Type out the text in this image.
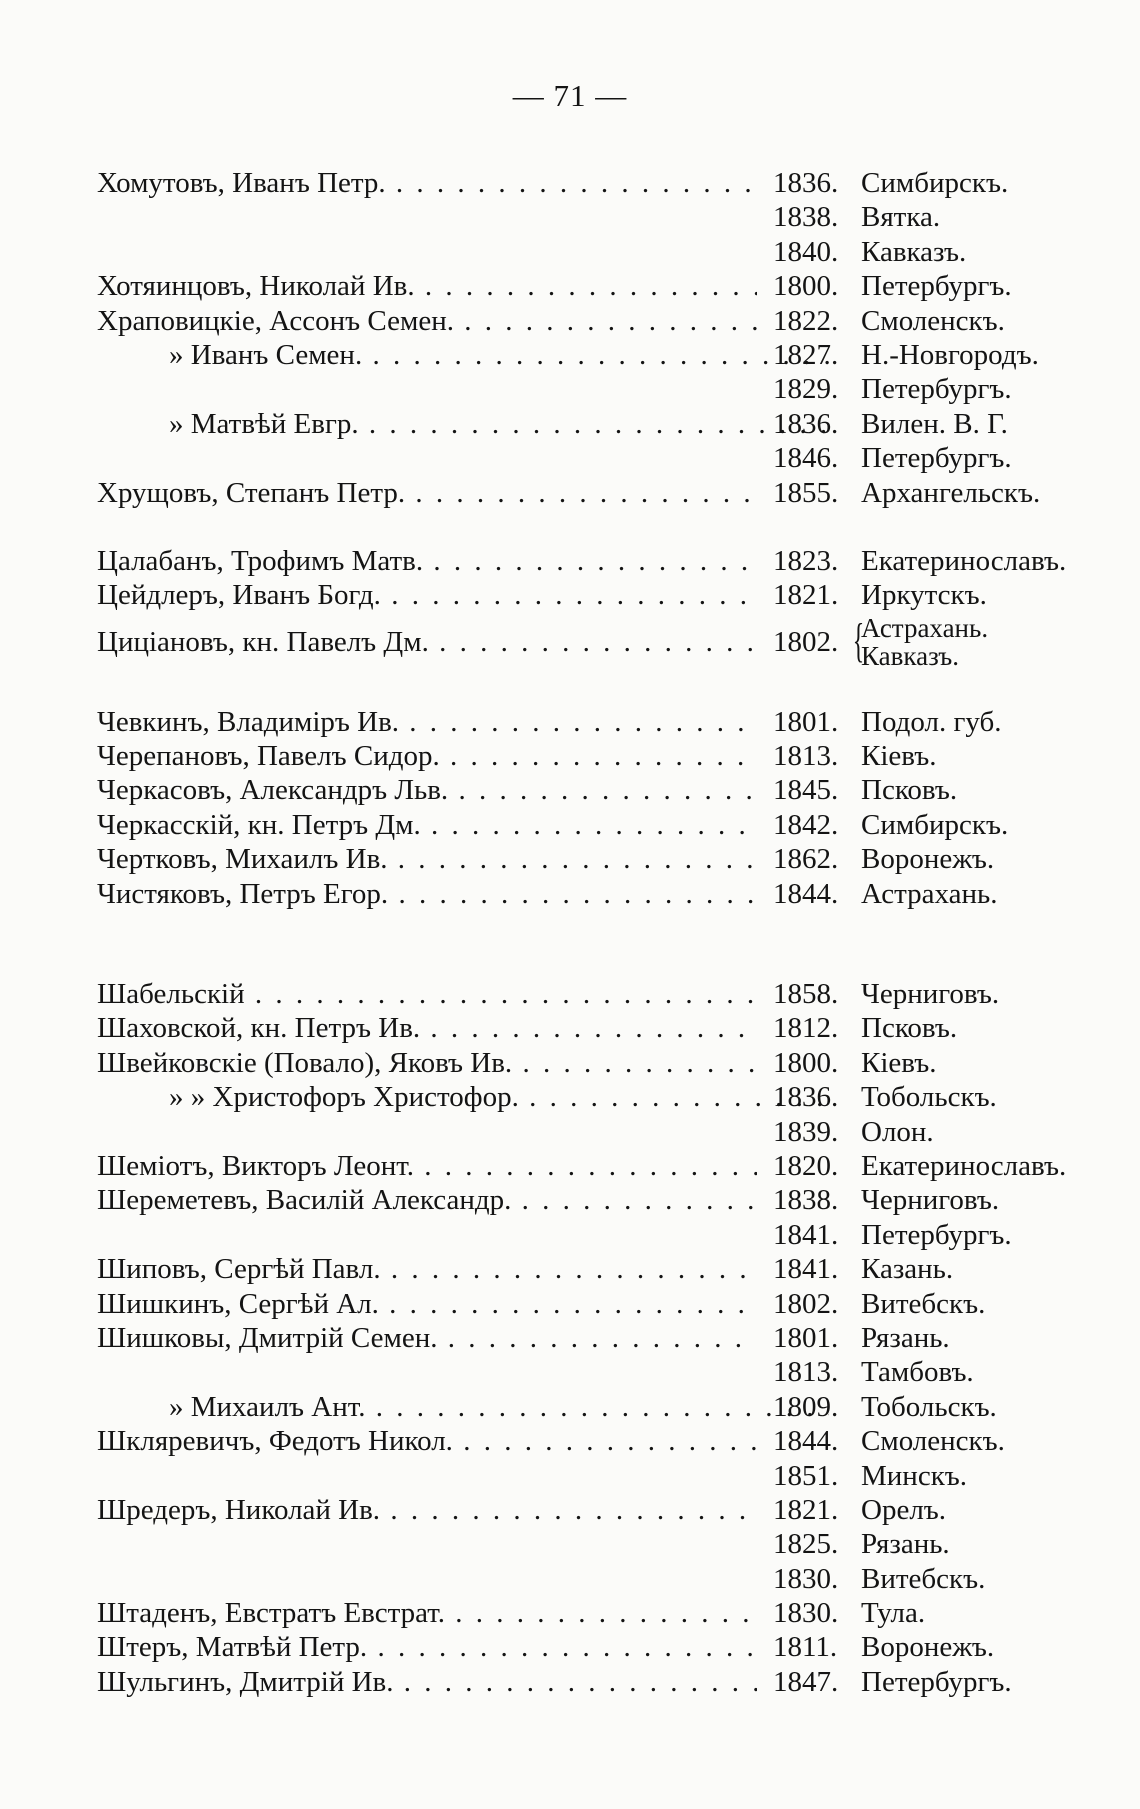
— 71 —
Хомутовъ, Иванъ Петр. . . .	1836. Симбирскъ.
1838. Вятка.
1840. Кавказъ.
Хотяинцовъ, Николай Ив. . . .	1800. Петербургъ.
Храповицкіе, Ассонъ Семен. . . .	1822. Смоленскъ.
» Иванъ Семен. . . .	1827. Н.-Новгородъ.
1829. Петербургъ.
» Матвѣй Евгр. . . .	1836. Вилен. В. Г.
1846. Петербургъ.
Хрущовъ, Степанъ Петр. . . .	1855. Архангельскъ.
Цалабанъ, Трофимъ Матв. . . .	1823. Екатеринославъ.
Цейдлеръ, Иванъ Богд. . . .	1821. Иркутскъ.
Циціановъ, кн. Павелъ Дм. . . .	1802. {
Астрахань.
Кавказъ.
Чевкинъ, Владиміръ Ив. . . .	1801. Подол. губ.
Черепановъ, Павелъ Сидор. . . .	1813. Кіевъ.
Черкасовъ, Александръ Льв. . . .	1845. Псковъ.
Черкасскій, кн. Петръ Дм. . . .	1842. Симбирскъ.
Чертковъ, Михаилъ Ив. . . .	1862. Воронежъ.
Чистяковъ, Петръ Егор. . . .	1844. Астрахань.
Шабельскій . . .	1858. Черниговъ.
Шаховской, кн. Петръ Ив. . . .	1812. Псковъ.
Швейковскіе (Повало), Яковъ Ив. . . .	1800. Кіевъ.
» » Христофоръ Христофор. . . .	1836. Тобольскъ.
1839. Олон.
Шеміотъ, Викторъ Леонт. . . .	1820. Екатеринославъ.
Шереметевъ, Василій Александр. . . .	1838. Черниговъ.
1841. Петербургъ.
Шиповъ, Сергѣй Павл. . . .	1841. Казань.
Шишкинъ, Сергѣй Ал. . . .	1802. Витебскъ.
Шишковы, Дмитрій Семен. . . .	1801. Рязань.
1813. Тамбовъ.
» Михаилъ Ант. . . .	1809. Тобольскъ.
Шкляревичъ, Федотъ Никол. . . .	1844. Смоленскъ.
1851. Минскъ.
Шредеръ, Николай Ив. . . .	1821. Орелъ.
1825. Рязань.
1830. Витебскъ.
Штаденъ, Евстратъ Евстрат. . . .	1830. Тула.
Штеръ, Матвѣй Петр. . . .	1811. Воронежъ.
Шульгинъ, Дмитрій Ив. . . .	1847. Петербургъ.
